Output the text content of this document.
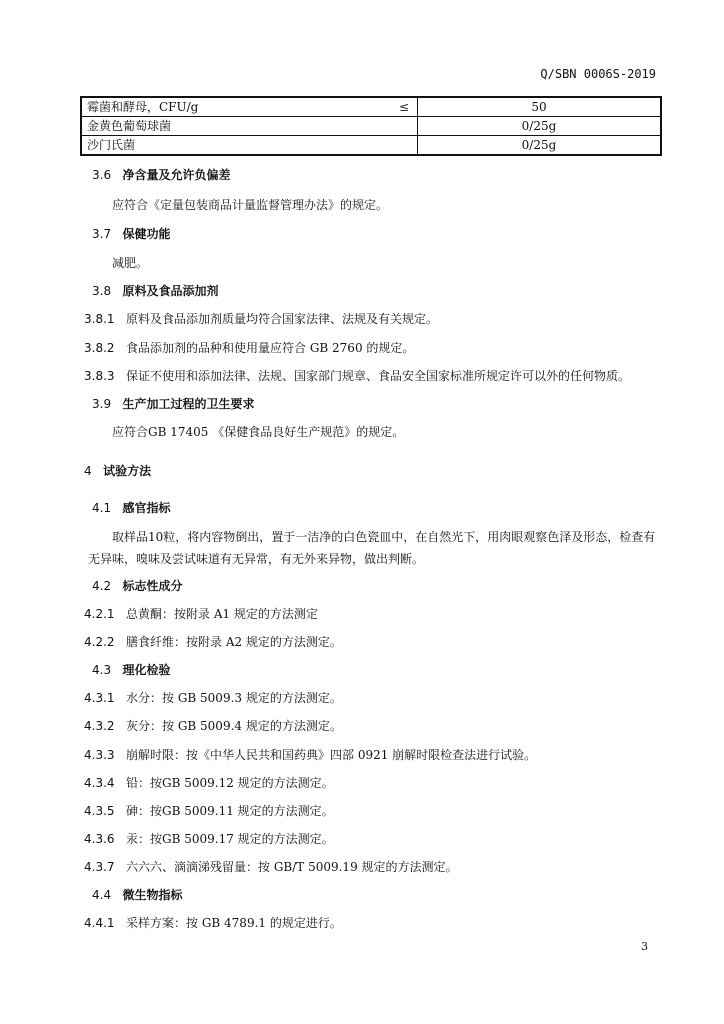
Q/SBN 0006S-2019
霉菌和酵母，CFU/g ≤	50
金黄色葡萄球菌	0/25g
沙门氏菌	0/25g
3.6 净含量及允许负偏差
应符合《定量包装商品计量监督管理办法》的规定。
3.7 保健功能
减肥。
3.8 原料及食品添加剂
3.8.1 原料及食品添加剂质量均符合国家法律、法规及有关规定。
3.8.2 食品添加剂的品种和使用量应符合 GB 2760 的规定。
3.8.3 保证不使用和添加法律、法规、国家部门规章、食品安全国家标准所规定许可以外的任何物质。
3.9 生产加工过程的卫生要求
应符合GB 17405 《保健食品良好生产规范》的规定。
4 试验方法
4.1 感官指标
取样品10粒，将内容物倒出，置于一洁净的白色瓷皿中，在自然光下，用肉眼观察色泽及形态，检查有无异味，嗅味及尝试味道有无异常，有无外来异物，做出判断。
4.2 标志性成分
4.2.1 总黄酮：按附录 A1 规定的方法测定
4.2.2 膳食纤维：按附录 A2 规定的方法测定。
4.3 理化检验
4.3.1 水分：按 GB 5009.3 规定的方法测定。
4.3.2 灰分：按 GB 5009.4 规定的方法测定。
4.3.3 崩解时限：按《中华人民共和国药典》四部 0921 崩解时限检查法进行试验。
4.3.4 铅：按GB 5009.12 规定的方法测定。
4.3.5 砷：按GB 5009.11 规定的方法测定。
4.3.6 汞：按GB 5009.17 规定的方法测定。
4.3.7 六六六、滴滴涕残留量：按 GB/T 5009.19 规定的方法测定。
4.4 微生物指标
4.4.1 采样方案：按 GB 4789.1 的规定进行。
3
